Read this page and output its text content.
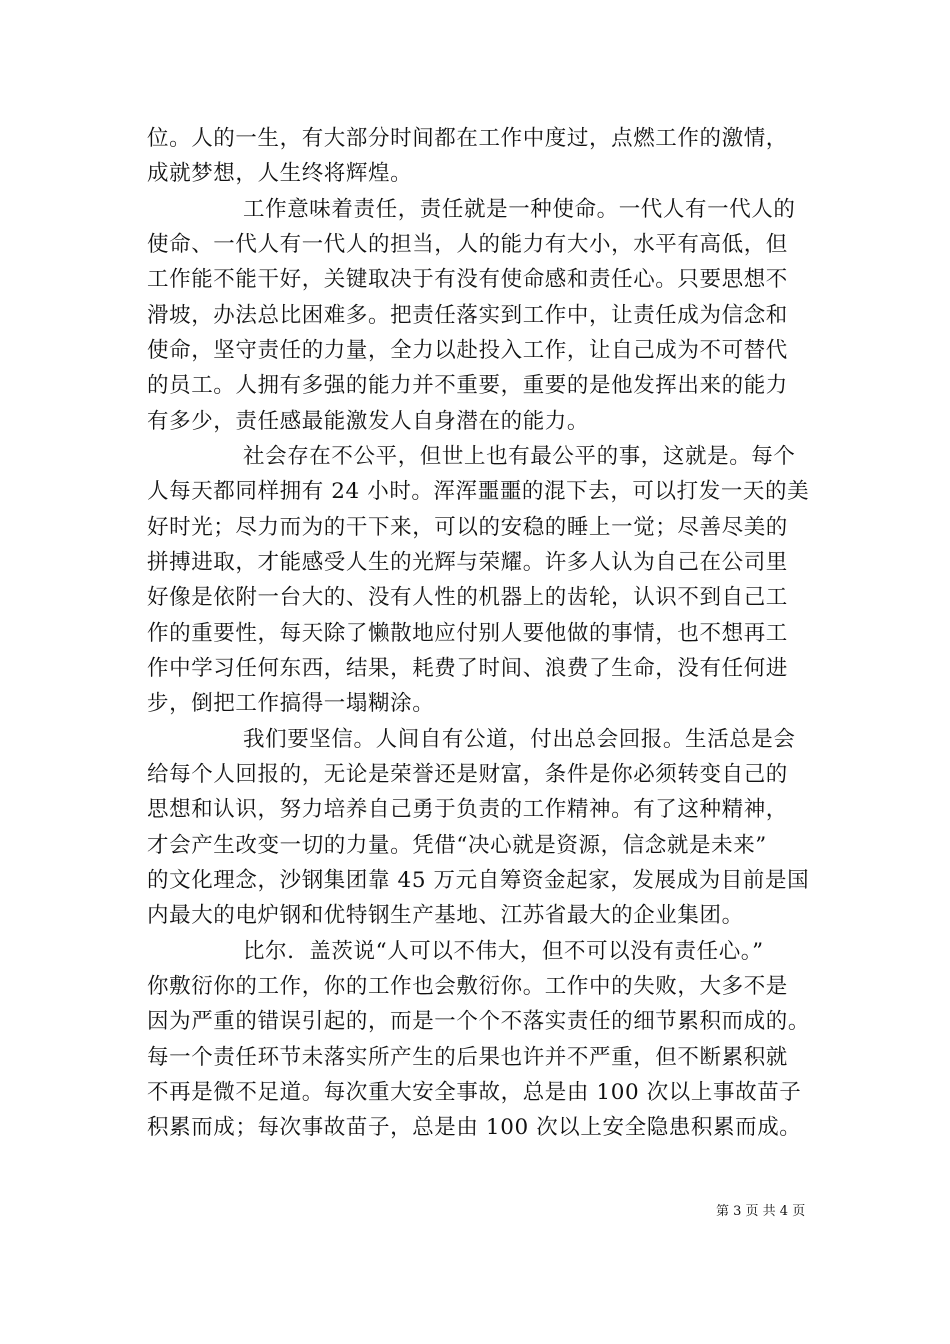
位。人的一生，有大部分时间都在工作中度过，点燃工作的激情，
成就梦想，人生终将辉煌。
工作意味着责任，责任就是一种使命。一代人有一代人的
使命、一代人有一代人的担当，人的能力有大小，水平有高低，但
工作能不能干好，关键取决于有没有使命感和责任心。只要思想不
滑坡，办法总比困难多。把责任落实到工作中，让责任成为信念和
使命，坚守责任的力量，全力以赴投入工作，让自己成为不可替代
的员工。人拥有多强的能力并不重要，重要的是他发挥出来的能力
有多少，责任感最能激发人自身潜在的能力。
社会存在不公平，但世上也有最公平的事，这就是。每个
人每天都同样拥有 24 小时。浑浑噩噩的混下去，可以打发一天的美
好时光；尽力而为的干下来，可以的安稳的睡上一觉；尽善尽美的
拼搏进取，才能感受人生的光辉与荣耀。许多人认为自己在公司里
好像是依附一台大的、没有人性的机器上的齿轮，认识不到自己工
作的重要性，每天除了懒散地应付别人要他做的事情，也不想再工
作中学习任何东西，结果，耗费了时间、浪费了生命，没有任何进
步，倒把工作搞得一塌糊涂。
我们要坚信。人间自有公道，付出总会回报。生活总是会
给每个人回报的，无论是荣誉还是财富，条件是你必须转变自己的
思想和认识，努力培养自己勇于负责的工作精神。有了这种精神，
才会产生改变一切的力量。凭借“决心就是资源，信念就是未来”
的文化理念，沙钢集团靠 45 万元自筹资金起家，发展成为目前是国
内最大的电炉钢和优特钢生产基地、江苏省最大的企业集团。
比尔．盖茨说“人可以不伟大，但不可以没有责任心。”
你敷衍你的工作，你的工作也会敷衍你。工作中的失败，大多不是
因为严重的错误引起的，而是一个个不落实责任的细节累积而成的。
每一个责任环节未落实所产生的后果也许并不严重，但不断累积就
不再是微不足道。每次重大安全事故，总是由 100 次以上事故苗子
积累而成；每次事故苗子，总是由 100 次以上安全隐患积累而成。
第 3 页 共 4 页
